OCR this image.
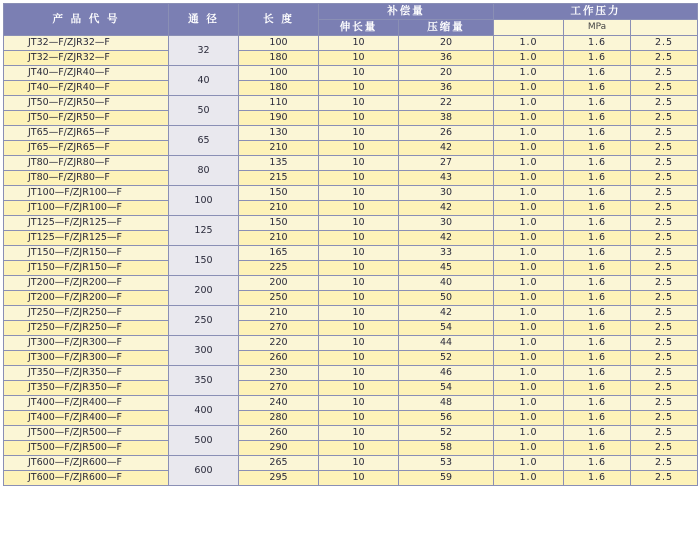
产 品 代 号	通 径	长 度	补偿量		工作压力		
			伸长量	压缩量		MPa	
JT32—F/ZJR32—F	32	100	10	20	1.0	1.6	2.5
JT32—F/ZJR32—F		180	10	36	1.0	1.6	2.5
JT40—F/ZJR40—F	40	100	10	20	1.0	1.6	2.5
JT40—F/ZJR40—F		180	10	36	1.0	1.6	2.5
JT50—F/ZJR50—F	50	110	10	22	1.0	1.6	2.5
JT50—F/ZJR50—F		190	10	38	1.0	1.6	2.5
JT65—F/ZJR65—F	65	130	10	26	1.0	1.6	2.5
JT65—F/ZJR65—F		210	10	42	1.0	1.6	2.5
JT80—F/ZJR80—F	80	135	10	27	1.0	1.6	2.5
JT80—F/ZJR80—F		215	10	43	1.0	1.6	2.5
JT100—F/ZJR100—F	100	150	10	30	1.0	1.6	2.5
JT100—F/ZJR100—F		210	10	42	1.0	1.6	2.5
JT125—F/ZJR125—F	125	150	10	30	1.0	1.6	2.5
JT125—F/ZJR125—F		210	10	42	1.0	1.6	2.5
JT150—F/ZJR150—F	150	165	10	33	1.0	1.6	2.5
JT150—F/ZJR150—F		225	10	45	1.0	1.6	2.5
JT200—F/ZJR200—F	200	200	10	40	1.0	1.6	2.5
JT200—F/ZJR200—F		250	10	50	1.0	1.6	2.5
JT250—F/ZJR250—F	250	210	10	42	1.0	1.6	2.5
JT250—F/ZJR250—F		270	10	54	1.0	1.6	2.5
JT300—F/ZJR300—F	300	220	10	44	1.0	1.6	2.5
JT300—F/ZJR300—F		260	10	52	1.0	1.6	2.5
JT350—F/ZJR350—F	350	230	10	46	1.0	1.6	2.5
JT350—F/ZJR350—F		270	10	54	1.0	1.6	2.5
JT400—F/ZJR400—F	400	240	10	48	1.0	1.6	2.5
JT400—F/ZJR400—F		280	10	56	1.0	1.6	2.5
JT500—F/ZJR500—F	500	260	10	52	1.0	1.6	2.5
JT500—F/ZJR500—F		290	10	58	1.0	1.6	2.5
JT600—F/ZJR600—F	600	265	10	53	1.0	1.6	2.5
JT600—F/ZJR600—F		295	10	59	1.0	1.6	2.5
